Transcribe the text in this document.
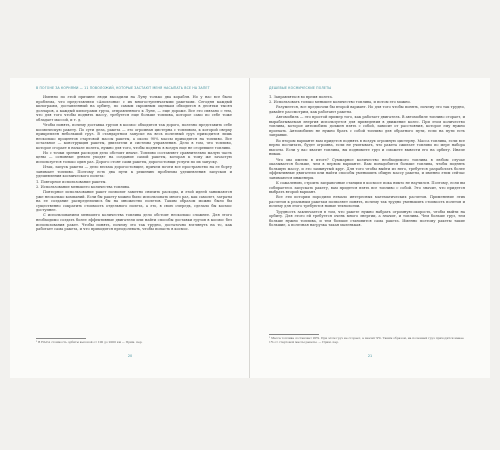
В ПОГОНЕ ЗА КОРНЯМИ — 11 ПОВОЛОЖИЙ, КОТОРЫЕ ЗАСТАЮТ МЕНЯ НАСЫПАТЬ ВСЕ НА ЗАПЕТ

Именно по этой причине люди высадили на Луну только два корабля. Но у нас все было проблема, что представляли «Аполлоны» с их многоступенчатыми ракетами. Сегодня каждый килограмм, доставленный на орбиту, по самым скромным оценкам обходится в десятки тысяч долларов, а каждый килограмм груза, отправленного к Луне, — еще дороже. Все это связано с тем, что для того чтобы поднять массу, требуется еще больше топлива, которое само по себе тоже обладает массой, и т. д.

Чтобы понять, почему доставка грузов в космос обходится так дорого, полезно представить себе космическую ракету. По сути дела, ракета — это огромная цистерна с топливом, к которой сверху прикреплен небольшой груз. В стандартном запуске на весь полезный груз приходится лишь несколько процентов стартовой массы ракеты, а около 90% массы приходится на топливо. Все остальное — конструкция ракеты, двигатели и системы управления. Дело в том, что топливо, которое сгорает в начале полета, нужно для того, чтобы поднять в воздух еще не сгоревшее топливо.

Но с точки зрения расходов дело обстоит иначе. Топливо составляет сравнительно малую часть цены — основные деньги уходят на создание самой ракеты, которая к тому же зачастую используется только один раз. Дорого стоят сами ракеты, дорогостоящи услуги по их запуску.

Итак, запуск ракеты — дело весьма дорогостоящее, причем почти все пространство на ее борту занимает топливо. Поэтому есть два пути к решению проблемы удешевления запусков и удешевления космического полета:

1. Повторное использование ракеты.

2. Использование меньшего количества топлива.

Повторное использование ракет позволит заметно снизить расходы, и этой идеей занимаются уже несколько компаний. Если бы ракету можно было использовать много раз, как самолет, затраты на ее создание распределились бы на множество полетов. Таким образом можно было бы существенно сократить стоимость отдельного полета, а это, в свою очередь, сделало бы космос доступнее.

С использованием меньшего количества топлива дело обстоит несколько сложнее. Для этого необходимо создать более эффективные двигатели или найти способы доставки грузов в космос без использования ракет. Чтобы понять, почему это так трудно, достаточно взглянуть на то, как работает сама ракета, и что приходится преодолевать, чтобы попасть в космос.

¹ В НАСА стоимость орбиты высокой от 100 до 2000 км — Прим. пер.

20
ДЕШЕВЫЕ КОСМИЧЕСКИЕ ПОЛЕТЫ

1. Заправляться во время полета.

2. Использовать только меньшее количество топлива, и потом его можно.

Разумеется, все предпочли бы второй вариант. Но для того чтобы понять, почему это так трудно, давайте рассмотрим, как работают ракеты.

Автомобиль — это простой пример того, как работает двигатель. В автомобиле топливо сгорает, и вырабатываемая энергия используется для приведения в движение колес. При этом количество топлива, которое автомобиль должен взять с собой, зависит от расстояния, которое ему нужно проехать. Автомобилю не нужно брать с собой топливо для обратного пути, если на пути есть заправки.

Во втором варианте вам придется поднять в воздух огромную цистерну. Масса топлива, если все верно посчитать, будет огромна, если не учитывать, что ракета сжигает топливо по мере набора высоты. Если у вас хватит топлива, вы поднимете груз и сможете вывести его на орбиту. Иначе никак.

Что мы имеем в итоге? Суммарное количество необходимого топлива в любом случае оказывается больше, чем в первом варианте. Вам понадобится больше топлива, чтобы поднять большую массу, и это замкнутый круг. Для того чтобы выйти из него, требуется разработать более эффективные двигатели или найти способы уменьшить общую массу ракеты, и именно этим сейчас занимаются инженеры.

К сожалению, строить заправочные станции в космосе пока никто не научился. Поэтому, если вы собираетесь запускать ракету, вам придется взять все топливо с собой. Это значит, что придется выбрать второй вариант.

Все эти истории породили немало интересных математических расчетов. Применение этих расчетов к реальным ракетам позволяет понять, почему так трудно уменьшить стоимость полетов и почему для этого требуются новые технологии.

Трудность заключается в том, что ракете нужно набрать огромную скорость, чтобы выйти на орбиту. Для этого ей требуется очень много энергии, а значит, и топлива. Чем больше груз, тем больше нужно топлива, и тем больше становится сама ракета. Именно поэтому ракеты такие большие, а полезная нагрузка такая маленькая.

¹ Масса топлива составляет 90%. При этом груз не сгорает, а значит 9%. Таким образом, на полезный груз приходится менее 1% от стартовой массы ракеты. — Прим. пер.

21
